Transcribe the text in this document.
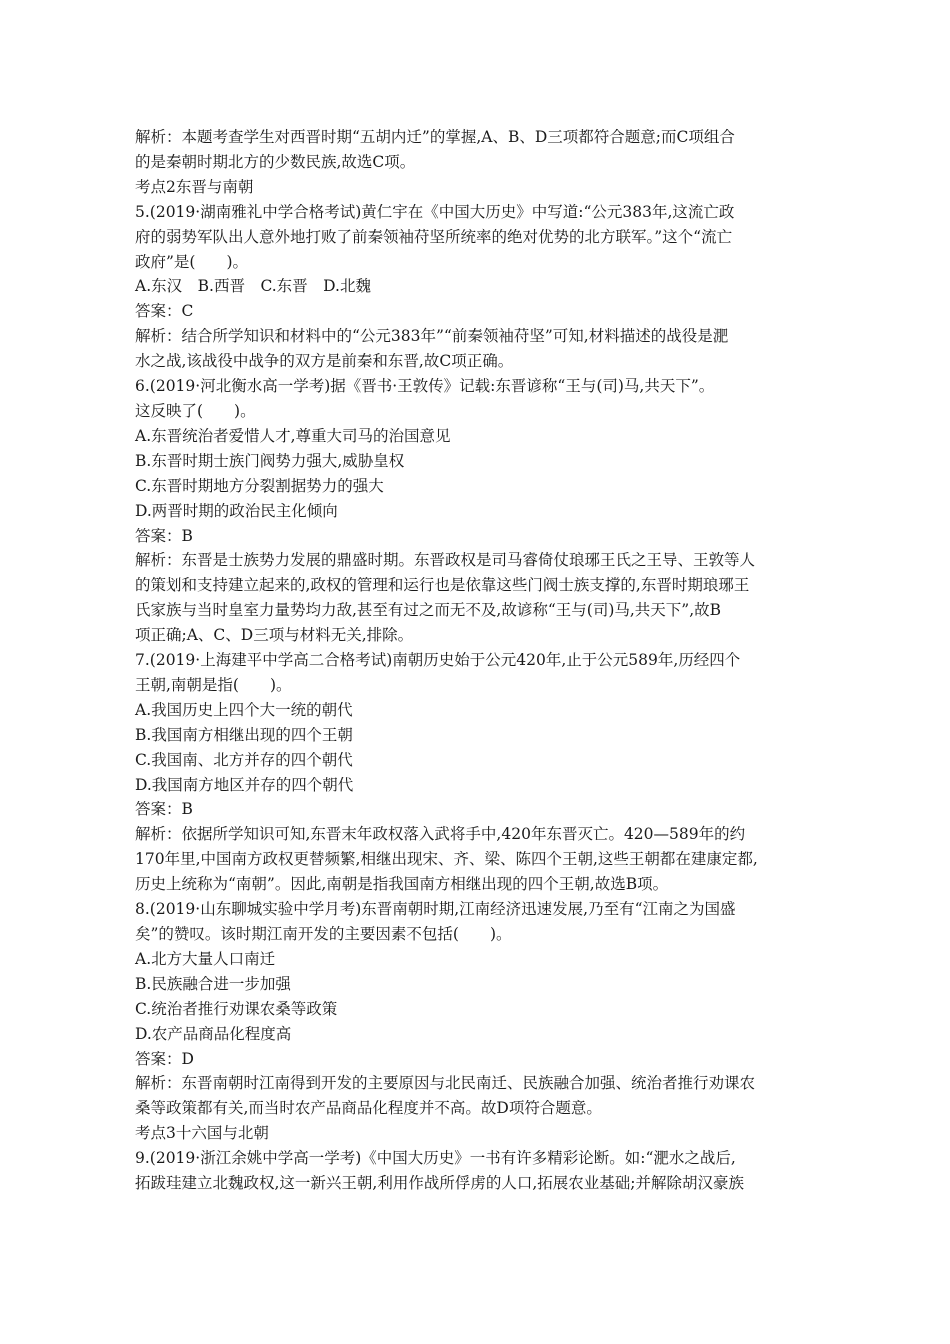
解析：本题考查学生对西晋时期“五胡内迁”的掌握,A、B、D三项都符合题意;而C项组合
的是秦朝时期北方的少数民族,故选C项。
考点2东晋与南朝
5.(2019·湖南雅礼中学合格考试)黄仁宇在《中国大历史》中写道:“公元383年,这流亡政
府的弱势军队出人意外地打败了前秦领袖苻坚所统率的绝对优势的北方联军。”这个“流亡
政府”是(　　)。
A.东汉　B.西晋　C.东晋　D.北魏
答案：C
解析：结合所学知识和材料中的“公元383年”“前秦领袖苻坚”可知,材料描述的战役是淝
水之战,该战役中战争的双方是前秦和东晋,故C项正确。
6.(2019·河北衡水高一学考)据《晋书·王敦传》记载:东晋谚称“王与(司)马,共天下”。
这反映了(　　)。
A.东晋统治者爱惜人才,尊重大司马的治国意见
B.东晋时期士族门阀势力强大,威胁皇权
C.东晋时期地方分裂割据势力的强大
D.两晋时期的政治民主化倾向
答案：B
解析：东晋是士族势力发展的鼎盛时期。东晋政权是司马睿倚仗琅琊王氏之王导、王敦等人
的策划和支持建立起来的,政权的管理和运行也是依靠这些门阀士族支撑的,东晋时期琅琊王
氏家族与当时皇室力量势均力敌,甚至有过之而无不及,故谚称“王与(司)马,共天下”,故B
项正确;A、C、D三项与材料无关,排除。
7.(2019·上海建平中学高二合格考试)南朝历史始于公元420年,止于公元589年,历经四个
王朝,南朝是指(　　)。
A.我国历史上四个大一统的朝代
B.我国南方相继出现的四个王朝
C.我国南、北方并存的四个朝代
D.我国南方地区并存的四个朝代
答案：B
解析：依据所学知识可知,东晋末年政权落入武将手中,420年东晋灭亡。420—589年的约
170年里,中国南方政权更替频繁,相继出现宋、齐、梁、陈四个王朝,这些王朝都在建康定都,
历史上统称为“南朝”。因此,南朝是指我国南方相继出现的四个王朝,故选B项。
8.(2019·山东聊城实验中学月考)东晋南朝时期,江南经济迅速发展,乃至有“江南之为国盛
矣”的赞叹。该时期江南开发的主要因素不包括(　　)。
A.北方大量人口南迁
B.民族融合进一步加强
C.统治者推行劝课农桑等政策
D.农产品商品化程度高
答案：D
解析：东晋南朝时江南得到开发的主要原因与北民南迁、民族融合加强、统治者推行劝课农
桑等政策都有关,而当时农产品商品化程度并不高。故D项符合题意。
考点3十六国与北朝
9.(2019·浙江余姚中学高一学考)《中国大历史》一书有许多精彩论断。如:“淝水之战后,
拓跋珪建立北魏政权,这一新兴王朝,利用作战所俘虏的人口,拓展农业基础;并解除胡汉豪族
